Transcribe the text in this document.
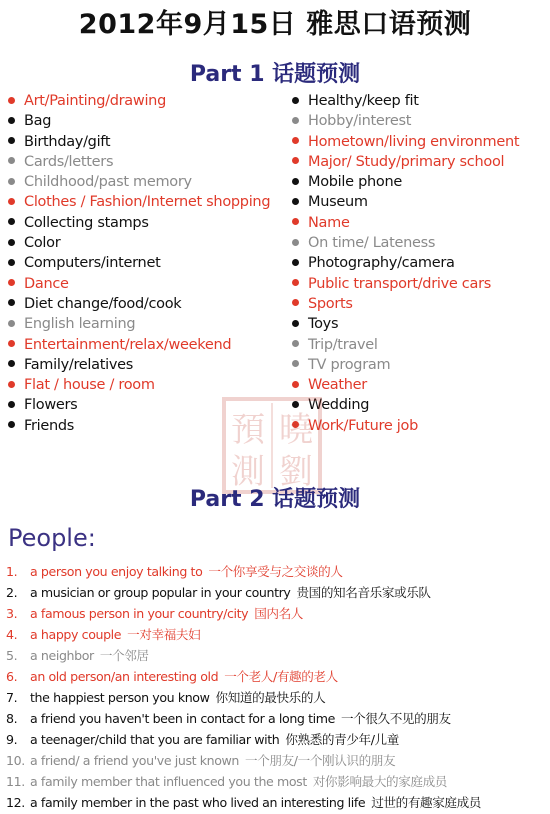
2012年9月15日 雅思口语预测
Part 1 话题预测
Art/Painting/drawing
Bag
Birthday/gift
Cards/letters
Childhood/past memory
Clothes / Fashion/Internet shopping
Collecting stamps
Color
Computers/internet
Dance
Diet change/food/cook
English learning
Entertainment/relax/weekend
Family/relatives
Flat / house / room
Flowers
Friends
Healthy/keep fit
Hobby/interest
Hometown/living environment
Major/ Study/primary school
Mobile phone
Museum
Name
On time/ Lateness
Photography/camera
Public transport/drive cars
Sports
Toys
Trip/travel
TV program
Weather
Wedding
Work/Future job
預 曉
測 劉
Part 2 话题预测
People:
1. a person you enjoy talking to 一个你享受与之交谈的人
2. a musician or group popular in your country 贵国的知名音乐家或乐队
3. a famous person in your country/city 国内名人
4. a happy couple 一对幸福夫妇
5. a neighbor 一个邻居
6. an old person/an interesting old 一个老人/有趣的老人
7. the happiest person you know 你知道的最快乐的人
8. a friend you haven't been in contact for a long time 一个很久不见的朋友
9. a teenager/child that you are familiar with 你熟悉的青少年/儿童
10. a friend/ a friend you've just known 一个朋友/一个刚认识的朋友
11. a family member that influenced you the most 对你影响最大的家庭成员
12. a family member in the past who lived an interesting life 过世的有趣家庭成员
